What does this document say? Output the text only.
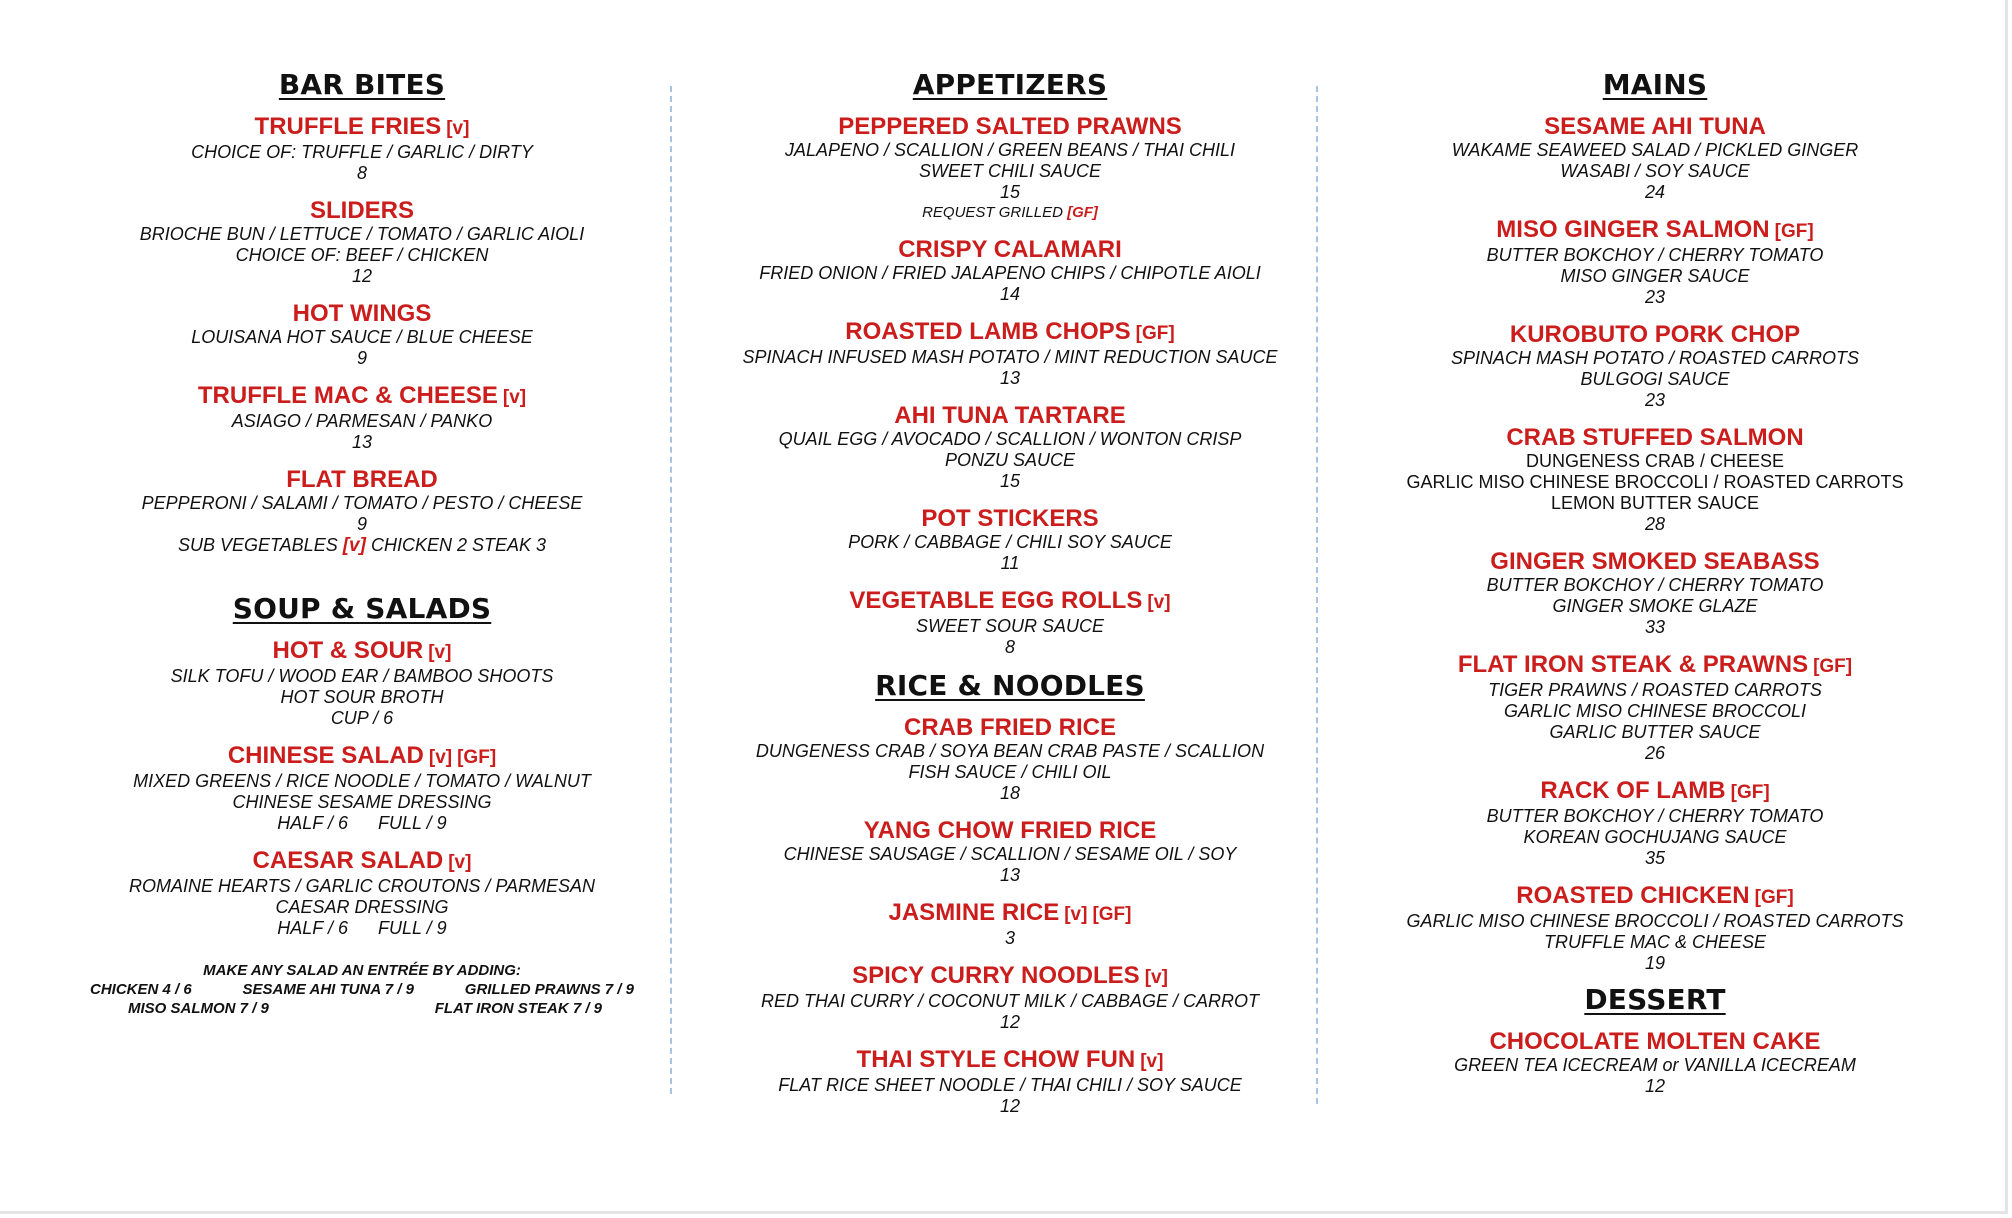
BAR BITES
TRUFFLE FRIES [v]
CHOICE OF: TRUFFLE / GARLIC / DIRTY
8
SLIDERS
BRIOCHE BUN / LETTUCE / TOMATO / GARLIC AIOLI
CHOICE OF: BEEF / CHICKEN
12
HOT WINGS
LOUISANA HOT SAUCE / BLUE CHEESE
9
TRUFFLE MAC & CHEESE [v]
ASIAGO / PARMESAN / PANKO
13
FLAT BREAD
PEPPERONI / SALAMI / TOMATO / PESTO / CHEESE
9
SUB VEGETABLES [v] CHICKEN 2 STEAK 3
SOUP & SALADS
HOT & SOUR [v]
SILK TOFU / WOOD EAR / BAMBOO SHOOTS
HOT SOUR BROTH
CUP / 6
CHINESE SALAD [v] [GF]
MIXED GREENS / RICE NOODLE / TOMATO / WALNUT
CHINESE SESAME DRESSING
HALF / 6      FULL / 9
CAESAR SALAD [v]
ROMAINE HEARTS / GARLIC CROUTONS / PARMESAN
CAESAR DRESSING
HALF / 6      FULL / 9
MAKE ANY SALAD AN ENTRÉE BY ADDING:
CHICKEN 4 / 6	SESAME AHI TUNA 7 / 9	GRILLED PRAWNS 7 / 9
MISO SALMON 7 / 9	FLAT IRON STEAK 7 / 9
APPETIZERS
PEPPERED SALTED PRAWNS
JALAPENO / SCALLION / GREEN BEANS / THAI CHILI
SWEET CHILI SAUCE
15
REQUEST GRILLED [GF]
CRISPY CALAMARI
FRIED ONION / FRIED JALAPENO CHIPS / CHIPOTLE AIOLI
14
ROASTED LAMB CHOPS [GF]
SPINACH INFUSED MASH POTATO / MINT REDUCTION SAUCE
13
AHI TUNA TARTARE
QUAIL EGG / AVOCADO / SCALLION / WONTON CRISP
PONZU SAUCE
15
POT STICKERS
PORK / CABBAGE / CHILI SOY SAUCE
11
VEGETABLE EGG ROLLS [v]
SWEET SOUR SAUCE
8
RICE & NOODLES
CRAB FRIED RICE
DUNGENESS CRAB / SOYA BEAN CRAB PASTE / SCALLION
FISH SAUCE / CHILI OIL
18
YANG CHOW FRIED RICE
CHINESE SAUSAGE / SCALLION / SESAME OIL / SOY
13
JASMINE RICE [v] [GF]
3
SPICY CURRY NOODLES [v]
RED THAI CURRY / COCONUT MILK / CABBAGE / CARROT
12
THAI STYLE CHOW FUN [v]
FLAT RICE SHEET NOODLE / THAI CHILI / SOY SAUCE
12
MAINS
SESAME AHI TUNA
WAKAME SEAWEED SALAD / PICKLED GINGER
WASABI / SOY SAUCE
24
MISO GINGER SALMON [GF]
BUTTER BOKCHOY / CHERRY TOMATO
MISO GINGER SAUCE
23
KUROBUTO PORK CHOP
SPINACH MASH POTATO / ROASTED CARROTS
BULGOGI SAUCE
23
CRAB STUFFED SALMON
DUNGENESS CRAB / CHEESE
GARLIC MISO CHINESE BROCCOLI / ROASTED CARROTS
LEMON BUTTER SAUCE
28
GINGER SMOKED SEABASS
BUTTER BOKCHOY / CHERRY TOMATO
GINGER SMOKE GLAZE
33
FLAT IRON STEAK & PRAWNS [GF]
TIGER PRAWNS / ROASTED CARROTS
GARLIC MISO CHINESE BROCCOLI
GARLIC BUTTER SAUCE
26
RACK OF LAMB [GF]
BUTTER BOKCHOY / CHERRY TOMATO
KOREAN GOCHUJANG SAUCE
35
ROASTED CHICKEN [GF]
GARLIC MISO CHINESE BROCCOLI / ROASTED CARROTS
TRUFFLE MAC & CHEESE
19
DESSERT
CHOCOLATE MOLTEN CAKE
GREEN TEA ICECREAM or VANILLA ICECREAM
12
